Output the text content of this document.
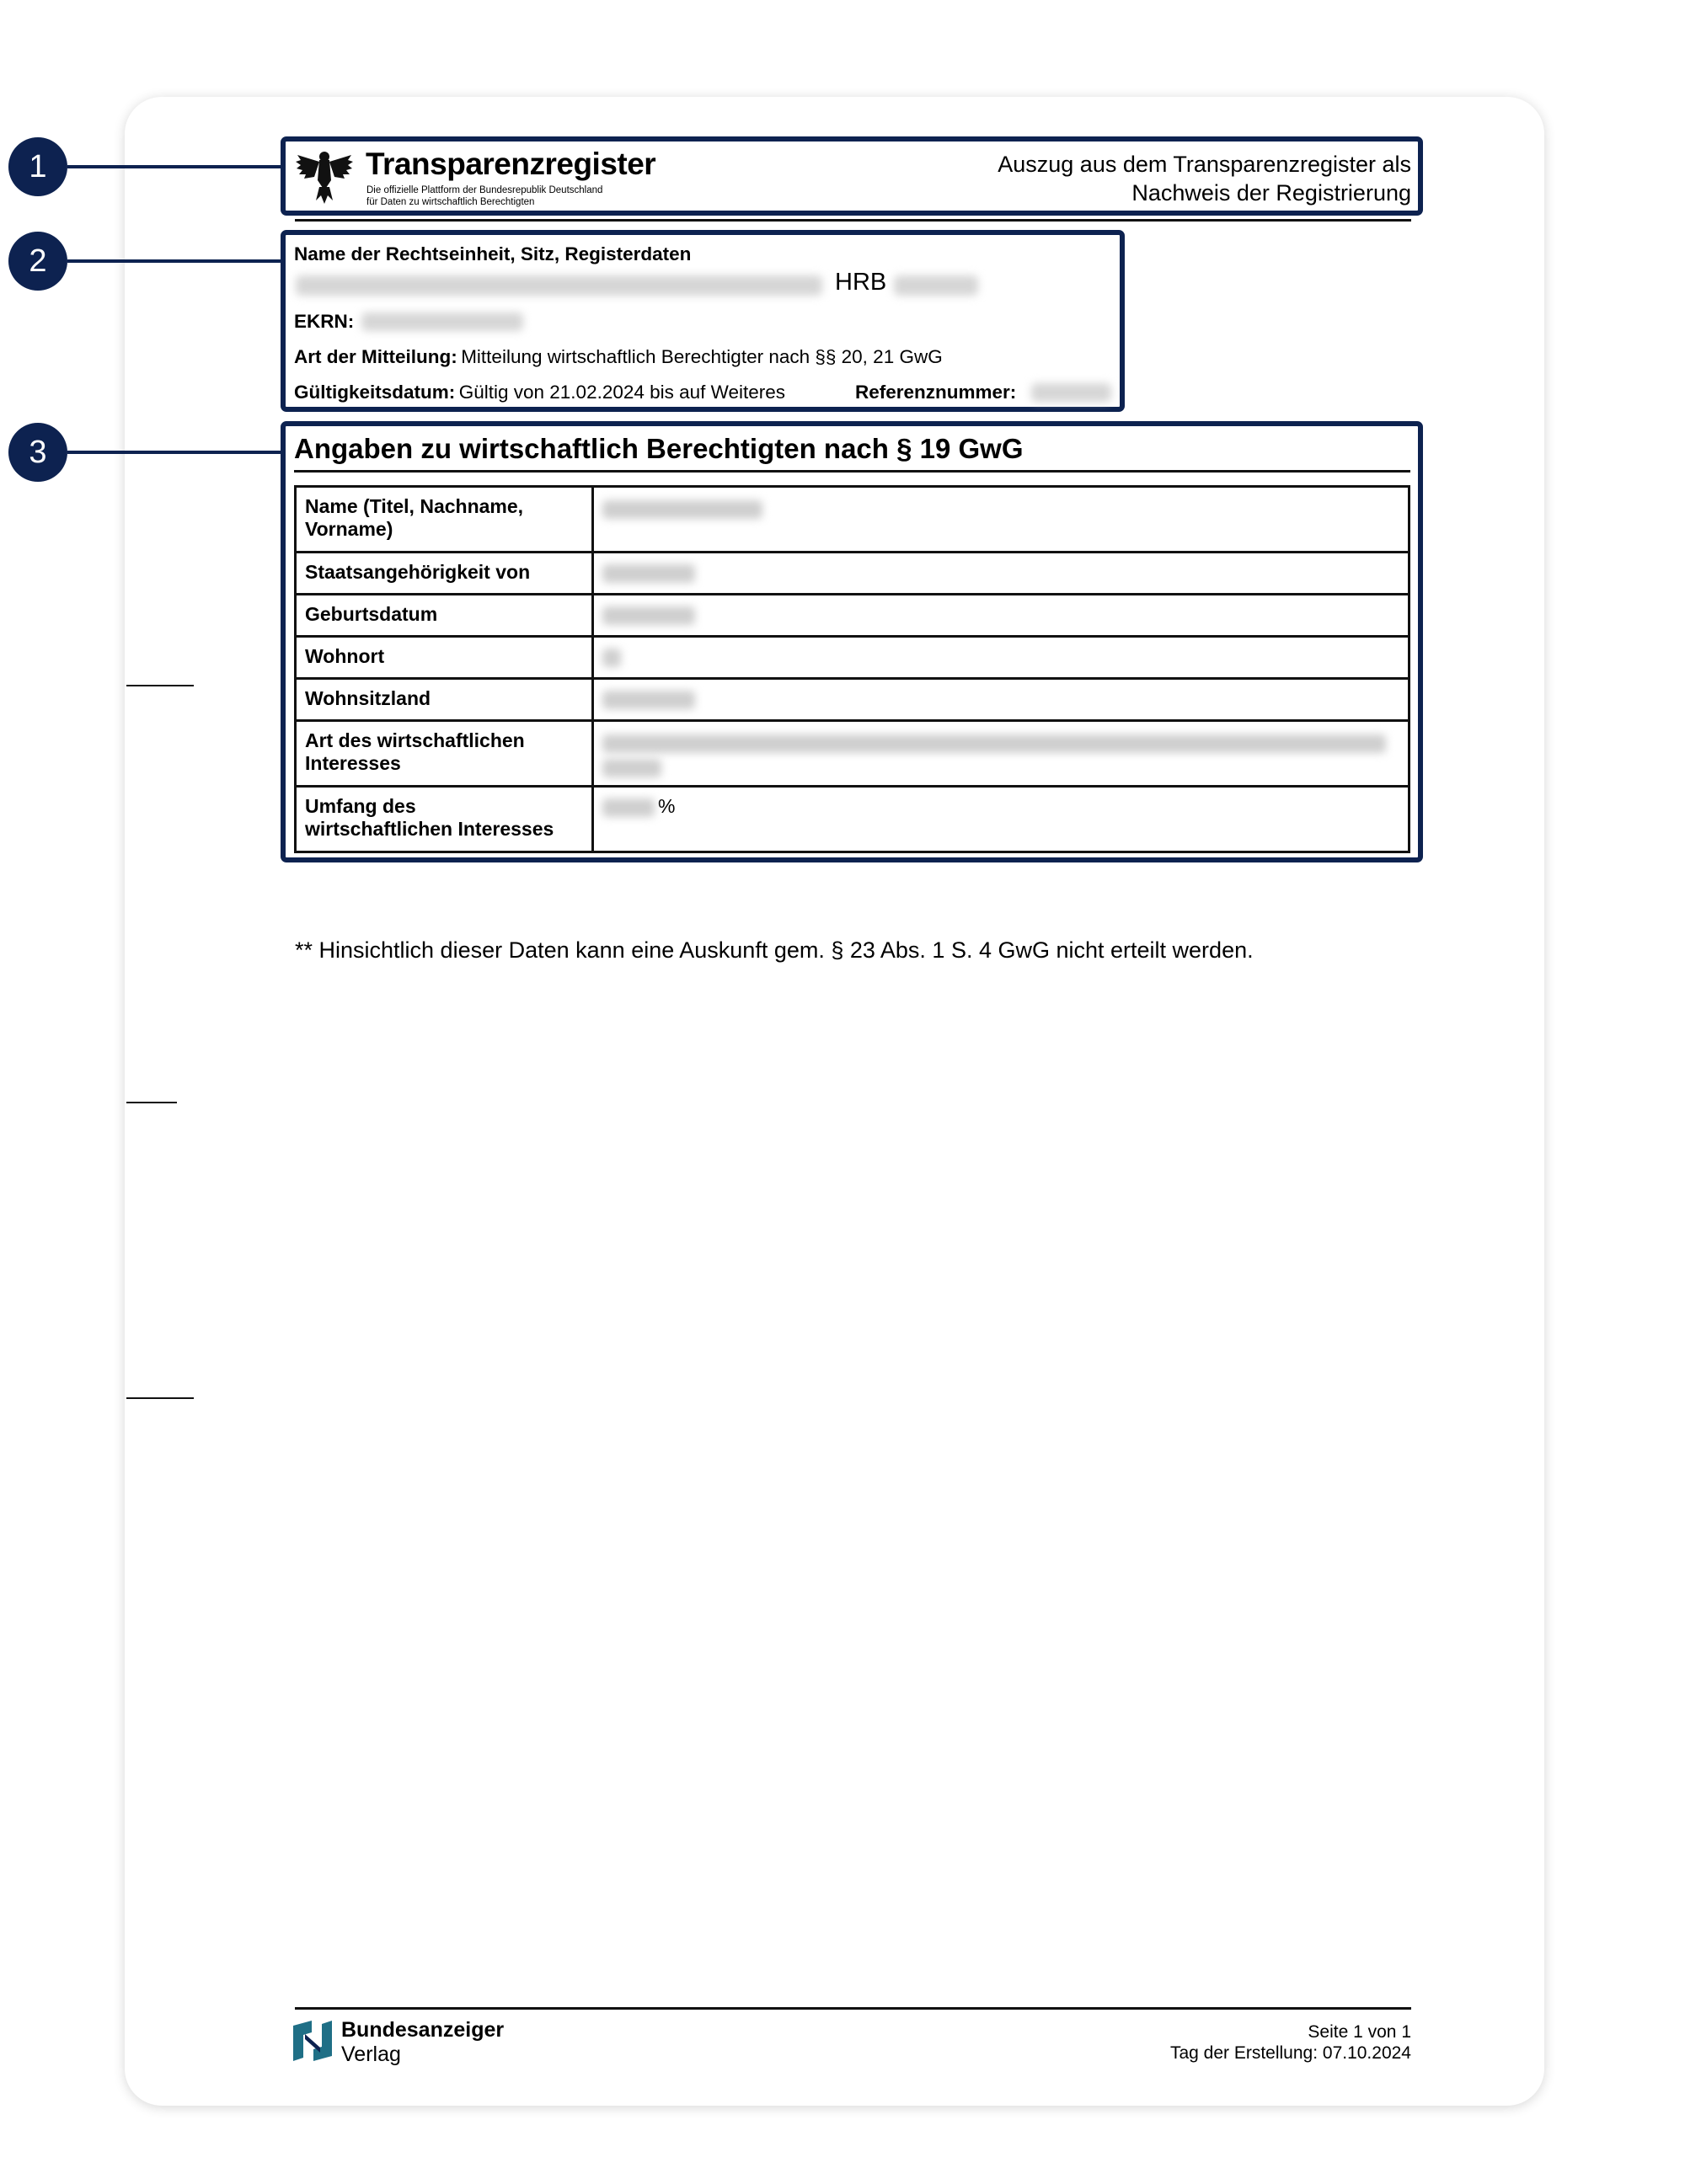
1
2
3
Transparenzregister
Die offizielle Plattform der Bundesrepublik Deutschland
für Daten zu wirtschaftlich Berechtigten
Auszug aus dem Transparenzregister als
Nachweis der Registrierung
Name der Rechtseinheit, Sitz, Registerdaten
HRB
EKRN:
Art der Mitteilung: Mitteilung wirtschaftlich Berechtigter nach §§ 20, 21 GwG
Gültigkeitsdatum: Gültig von 21.02.2024 bis auf Weiteres	Referenznummer:
Angaben zu wirtschaftlich Berechtigten nach § 19 GwG
Name (Titel, Nachname,
Vorname)	

Staatsangehörigkeit von	

Geburtsdatum	

Wohnort	

Wohnsitzland	

Art des wirtschaftlichen
Interesses	

Umfang des
wirtschaftlichen Interesses	%
** Hinsichtlich dieser Daten kann eine Auskunft gem. § 23 Abs. 1 S. 4 GwG nicht erteilt werden.
Bundesanzeiger
Verlag
Seite 1 von 1
Tag der Erstellung: 07.10.2024
